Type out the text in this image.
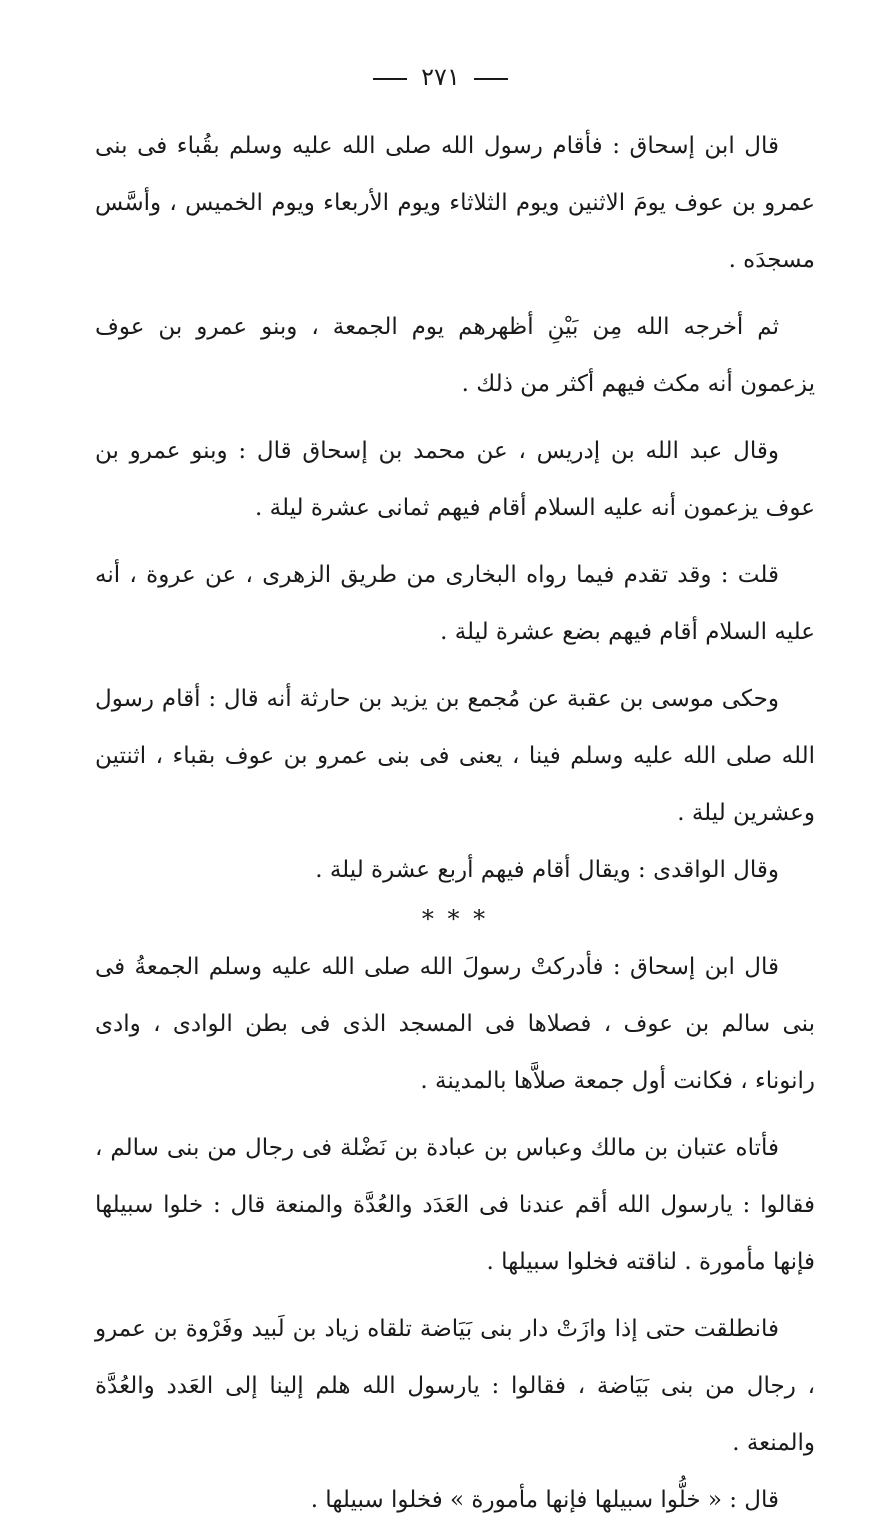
٢٧١

قال ابن إسحاق : فأقام رسول الله صلى الله عليه وسلم بقُباء فى بنى عمرو بن عوف يومَ الاثنين ويوم الثلاثاء ويوم الأربعاء ويوم الخميس ، وأسَّس مسجدَه .

ثم أخرجه الله مِن بَيْنِ أظهرهم يوم الجمعة ، وبنو عمرو بن عوف يزعمون أنه مكث فيهم أكثر من ذلك .

وقال عبد الله بن إدريس ، عن محمد بن إسحاق قال : وبنو عمرو بن عوف يزعمون أنه عليه السلام أقام فيهم ثمانى عشرة ليلة .

قلت : وقد تقدم فيما رواه البخارى من طريق الزهرى ، عن عروة ، أنه عليه السلام أقام فيهم بضع عشرة ليلة .

وحكى موسى بن عقبة عن مُجمع بن يزيد بن حارثة أنه قال : أقام رسول الله صلى الله عليه وسلم فينا ، يعنى فى بنى عمرو بن عوف بقباء ، اثنتين وعشرين ليلة .

وقال الواقدى : ويقال أقام فيهم أربع عشرة ليلة .

* * *

قال ابن إسحاق : فأدركتْ رسولَ الله صلى الله عليه وسلم الجمعةُ فى بنى سالم بن عوف ، فصلاها فى المسجد الذى فى بطن الوادى ، وادى رانوناء ، فكانت أول جمعة صلاَّها بالمدينة .

فأتاه عتبان بن مالك وعباس بن عبادة بن نَضْلة فى رجال من بنى سالم ، فقالوا : يارسول الله أقم عندنا فى العَدَد والعُدَّة والمنعة قال : خلوا سبيلها فإنها مأمورة . لناقته فخلوا سبيلها .

فانطلقت حتى إذا وازَتْ دار بنى بَيَاضة تلقاه زياد بن لَبيد وفَرْوة بن عمرو ، رجال من بنى بَيَاضة ، فقالوا : يارسول الله هلم إلينا إلى العَدد والعُدَّة والمنعة .

قال : « خلُّوا سبيلها فإنها مأمورة » فخلوا سبيلها .
